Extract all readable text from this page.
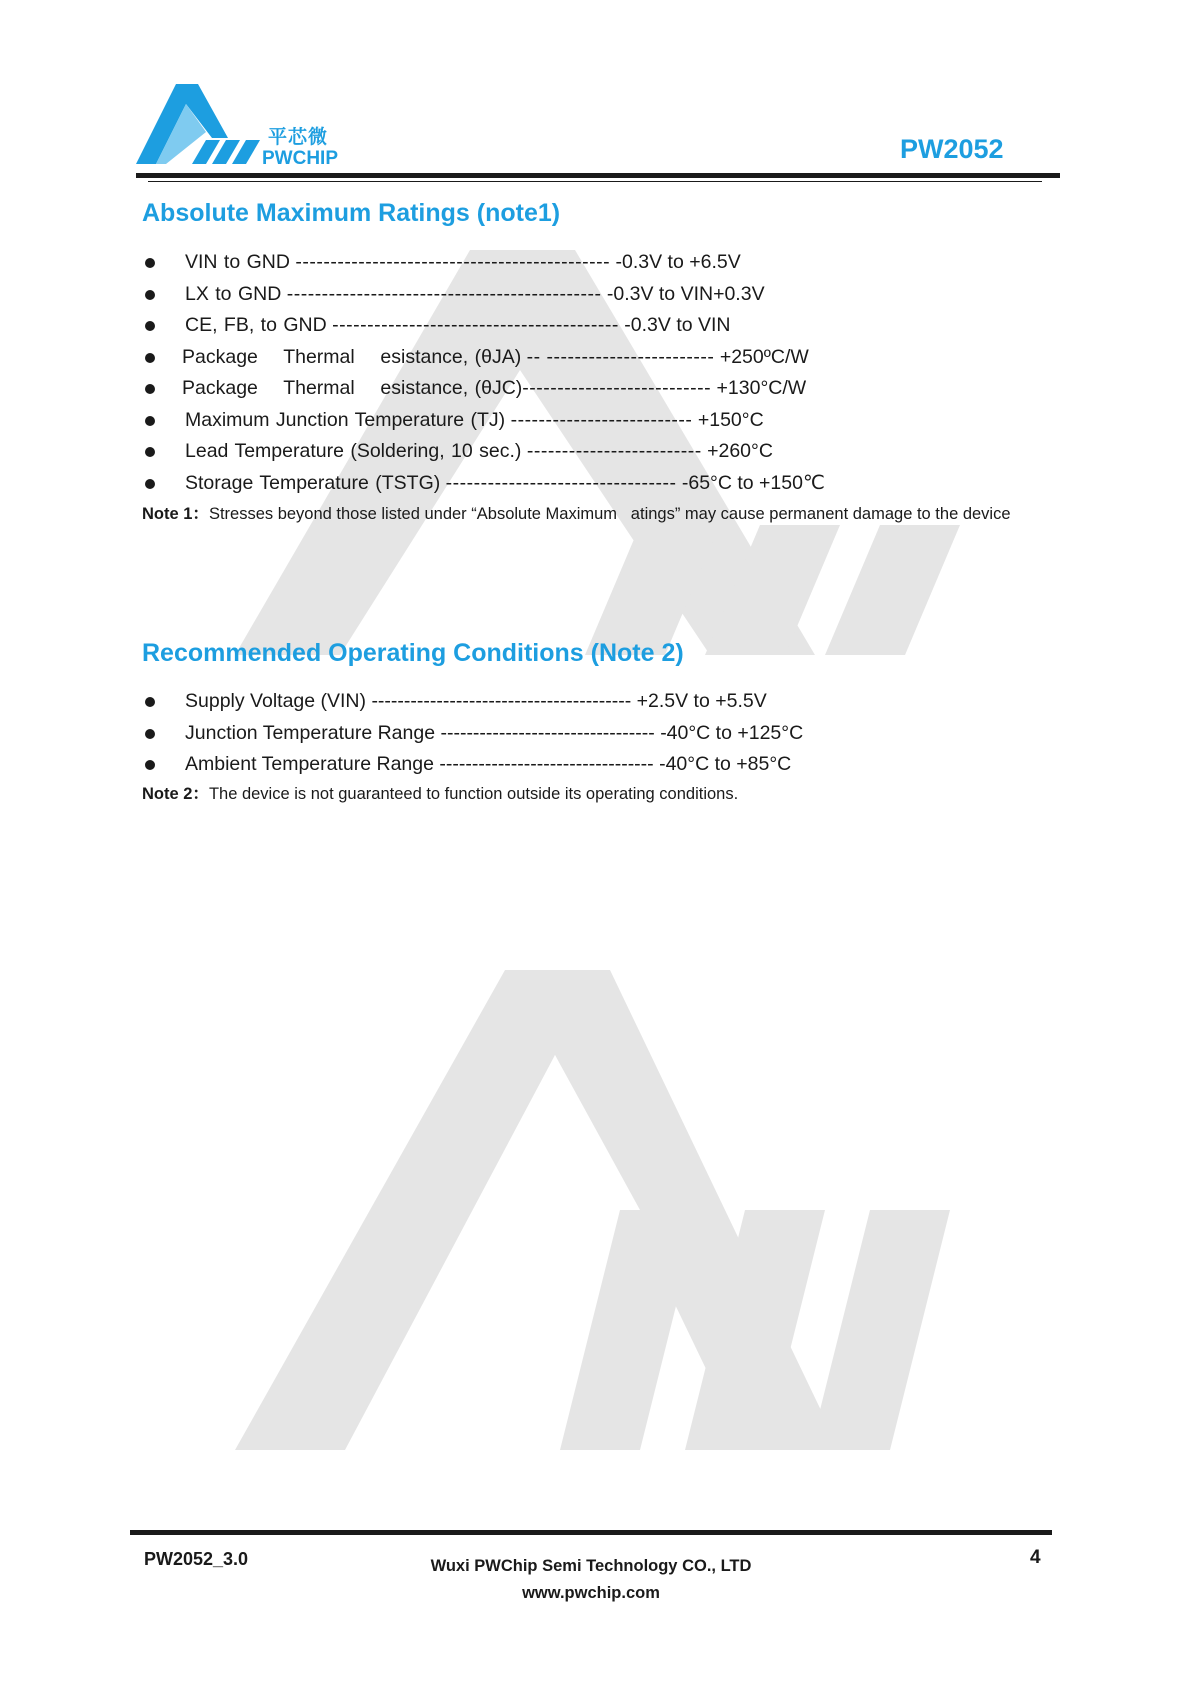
平芯微
PWCHIP	PW2052
Absolute Maximum Ratings (note1)
VIN to GND --------------------------------------------- -0.3V to +6.5V
LX to GND --------------------------------------------- -0.3V to VIN+0.3V
CE, FB, to GND ----------------------------------------- -0.3V to VIN
Package    Thermal    esistance, (θJA) -- ------------------------ +250ºC/W
Package    Thermal    esistance, (θJC)--------------------------- +130°C/W
Maximum Junction Temperature (TJ) -------------------------- +150°C
Lead Temperature (Soldering, 10 sec.) ------------------------- +260°C
Storage Temperature (TSTG) --------------------------------- -65°C to +150℃
Note 1：Stresses beyond those listed under “Absolute Maximum   atings” may cause permanent damage to the device
Recommended Operating Conditions (Note 2)
Supply Voltage (VIN) ---------------------------------------- +2.5V to +5.5V
Junction Temperature Range --------------------------------- -40°C to +125°C
Ambient Temperature Range --------------------------------- -40°C to +85°C
Note 2：The device is not guaranteed to function outside its operating conditions.
PW2052_3.0	Wuxi PWChip Semi Technology CO., LTD
www.pwchip.com
4
